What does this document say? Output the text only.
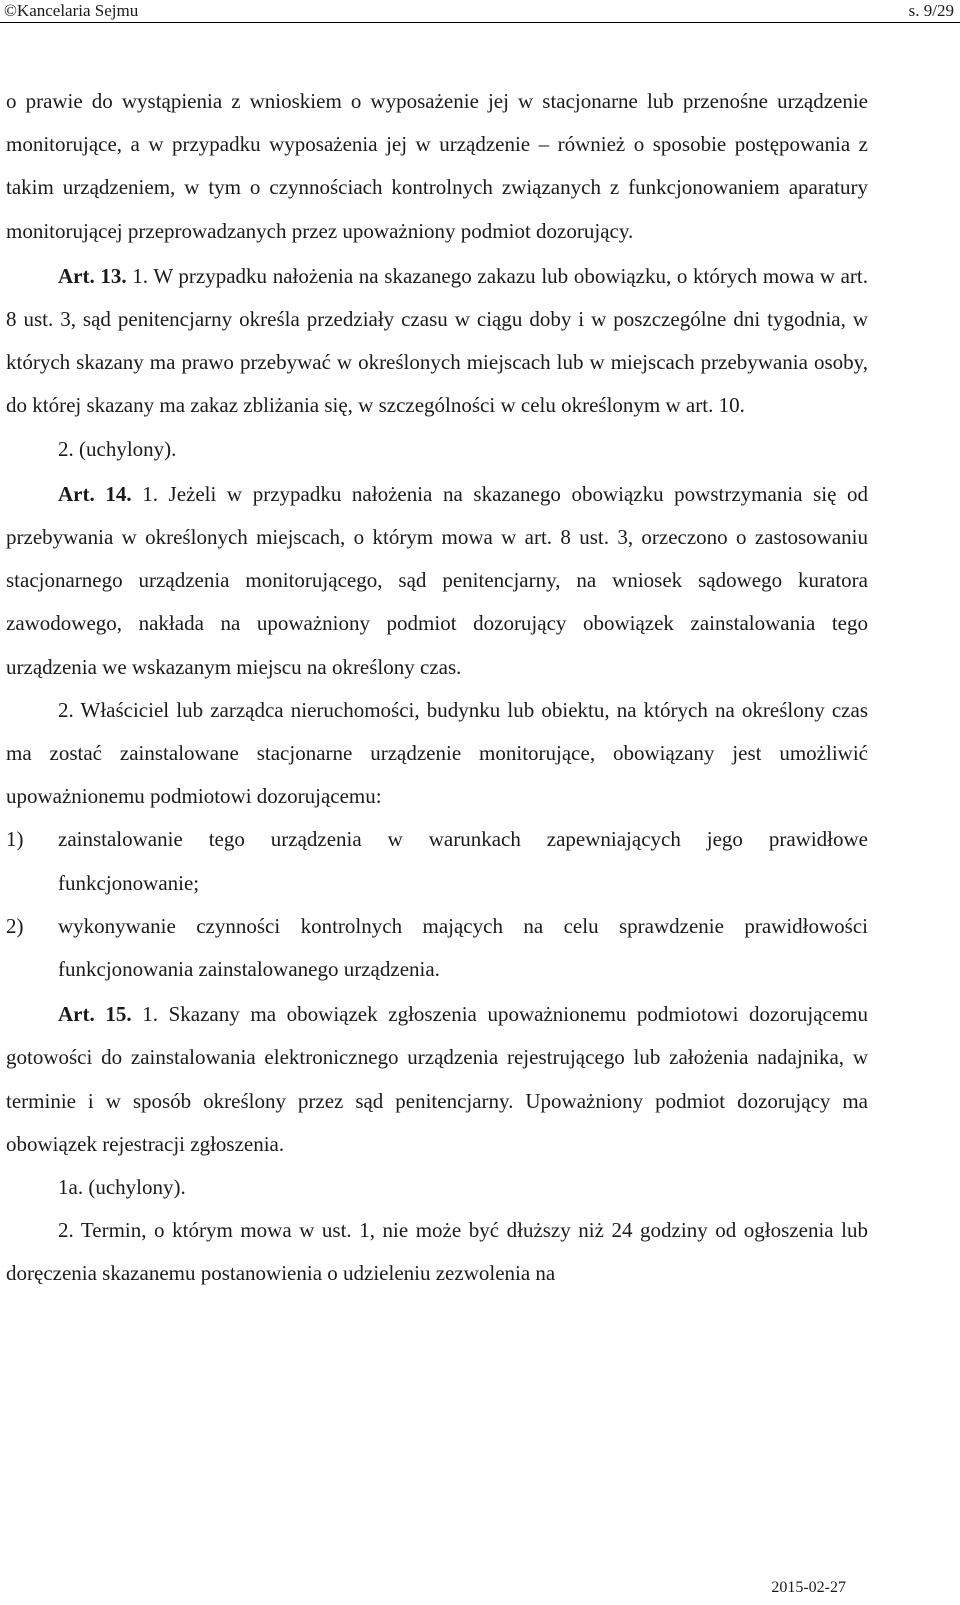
©Kancelaria Sejmu	s. 9/29

o prawie do wystąpienia z wnioskiem o wyposażenie jej w stacjonarne lub przenośne urządzenie monitorujące, a w przypadku wyposażenia jej w urządzenie – również o sposobie postępowania z takim urządzeniem, w tym o czynnościach kontrolnych związanych z funkcjonowaniem aparatury monitorującej przeprowadzanych przez upoważniony podmiot dozorujący.

Art. 13. 1. W przypadku nałożenia na skazanego zakazu lub obowiązku, o których mowa w art. 8 ust. 3, sąd penitencjarny określa przedziały czasu w ciągu doby i w poszczególne dni tygodnia, w których skazany ma prawo przebywać w określonych miejscach lub w miejscach przebywania osoby, do której skazany ma zakaz zbliżania się, w szczególności w celu określonym w art. 10.

2. (uchylony).

Art. 14. 1. Jeżeli w przypadku nałożenia na skazanego obowiązku powstrzymania się od przebywania w określonych miejscach, o którym mowa w art. 8 ust. 3, orzeczono o zastosowaniu stacjonarnego urządzenia monitorującego, sąd penitencjarny, na wniosek sądowego kuratora zawodowego, nakłada na upoważniony podmiot dozorujący obowiązek zainstalowania tego urządzenia we wskazanym miejscu na określony czas.

2. Właściciel lub zarządca nieruchomości, budynku lub obiektu, na których na określony czas ma zostać zainstalowane stacjonarne urządzenie monitorujące, obowiązany jest umożliwić upoważnionemu podmiotowi dozorującemu:

1) zainstalowanie tego urządzenia w warunkach zapewniających jego prawidłowe funkcjonowanie;
2) wykonywanie czynności kontrolnych mających na celu sprawdzenie prawidłowości funkcjonowania zainstalowanego urządzenia.

Art. 15. 1. Skazany ma obowiązek zgłoszenia upoważnionemu podmiotowi dozorującemu gotowości do zainstalowania elektronicznego urządzenia rejestrującego lub założenia nadajnika, w terminie i w sposób określony przez sąd penitencjarny. Upoważniony podmiot dozorujący ma obowiązek rejestracji zgłoszenia.

1a. (uchylony).

2. Termin, o którym mowa w ust. 1, nie może być dłuższy niż 24 godziny od ogłoszenia lub doręczenia skazanemu postanowienia o udzieleniu zezwolenia na

2015-02-27
